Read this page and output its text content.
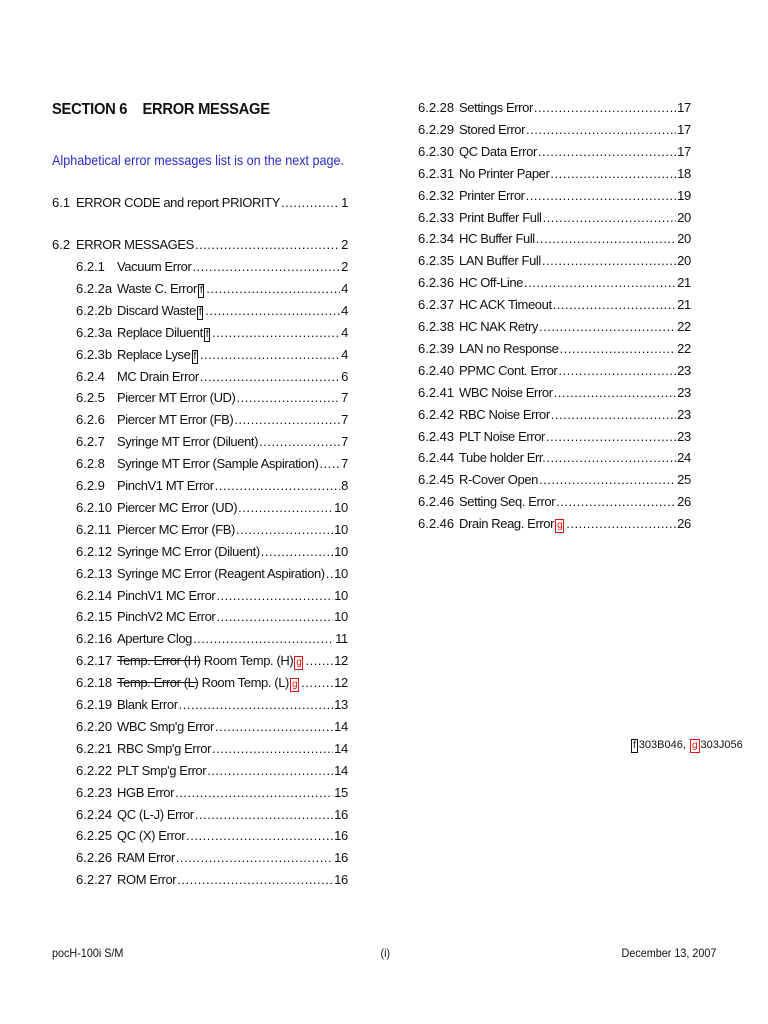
SECTION 6    ERROR MESSAGE
Alphabetical error messages list is on the next page.
6.1 ERROR CODE and report PRIORITY .....	1
6.2 ERROR MESSAGES .....	2
6.2.1 Vacuum Error .....	2
6.2.2a Waste C. Error f .....	4
6.2.2b Discard Waste f .....	4
6.2.3a Replace Diluent f .....	4
6.2.3b Replace Lyse f .....	4
6.2.4 MC Drain Error .....	6
6.2.5 Piercer MT Error (UD) .....	7
6.2.6 Piercer MT Error (FB) .....	7
6.2.7 Syringe MT Error (Diluent) .....	7
6.2.8 Syringe MT Error (Sample Aspiration) ..... 7
6.2.9 PinchV1 MT Error .....	8
6.2.10 Piercer MC Error (UD) .....	10
6.2.11 Piercer MC Error (FB) .....	10
6.2.12 Syringe MC Error (Diluent) .....	10
6.2.13 Syringe MC Error (Reagent Aspiration) ..... 10
6.2.14 PinchV1 MC Error .....	10
6.2.15 PinchV2 MC Error .....	10
6.2.16 Aperture Clog .....	11
6.2.17 Temp. Error (H) Room Temp. (H) g .....	12
6.2.18 Temp. Error (L) Room Temp. (L) g .....	12
6.2.19 Blank Error .....	13
6.2.20 WBC Smp'g Error .....	14
6.2.21 RBC Smp'g Error .....	14
6.2.22 PLT Smp'g Error .....	14
6.2.23 HGB Error .....	15
6.2.24 QC (L-J) Error .....	16
6.2.25 QC (X) Error .....	16
6.2.26 RAM Error .....	16
6.2.27 ROM Error .....	16
6.2.28 Settings Error .....	17
6.2.29 Stored Error .....	17
6.2.30 QC Data Error .....	17
6.2.31 No Printer Paper .....	18
6.2.32 Printer Error .....	19
6.2.33 Print Buffer Full .....	20
6.2.34 HC Buffer Full .....	20
6.2.35 LAN Buffer Full .....	20
6.2.36 HC Off-Line .....	21
6.2.37 HC ACK Timeout .....	21
6.2.38 HC NAK Retry .....	22
6.2.39 LAN no Response .....	22
6.2.40 PPMC Cont. Error .....	23
6.2.41 WBC Noise Error .....	23
6.2.42 RBC Noise Error .....	23
6.2.43 PLT Noise Error .....	23
6.2.44 Tube holder Err. .....	24
6.2.45 R-Cover Open .....	25
6.2.46 Setting Seq. Error .....	26
6.2.46 Drain Reag. Error g .....	26
f 303B046, g 303J056
pocH-100i S/M	(i)	December 13, 2007
